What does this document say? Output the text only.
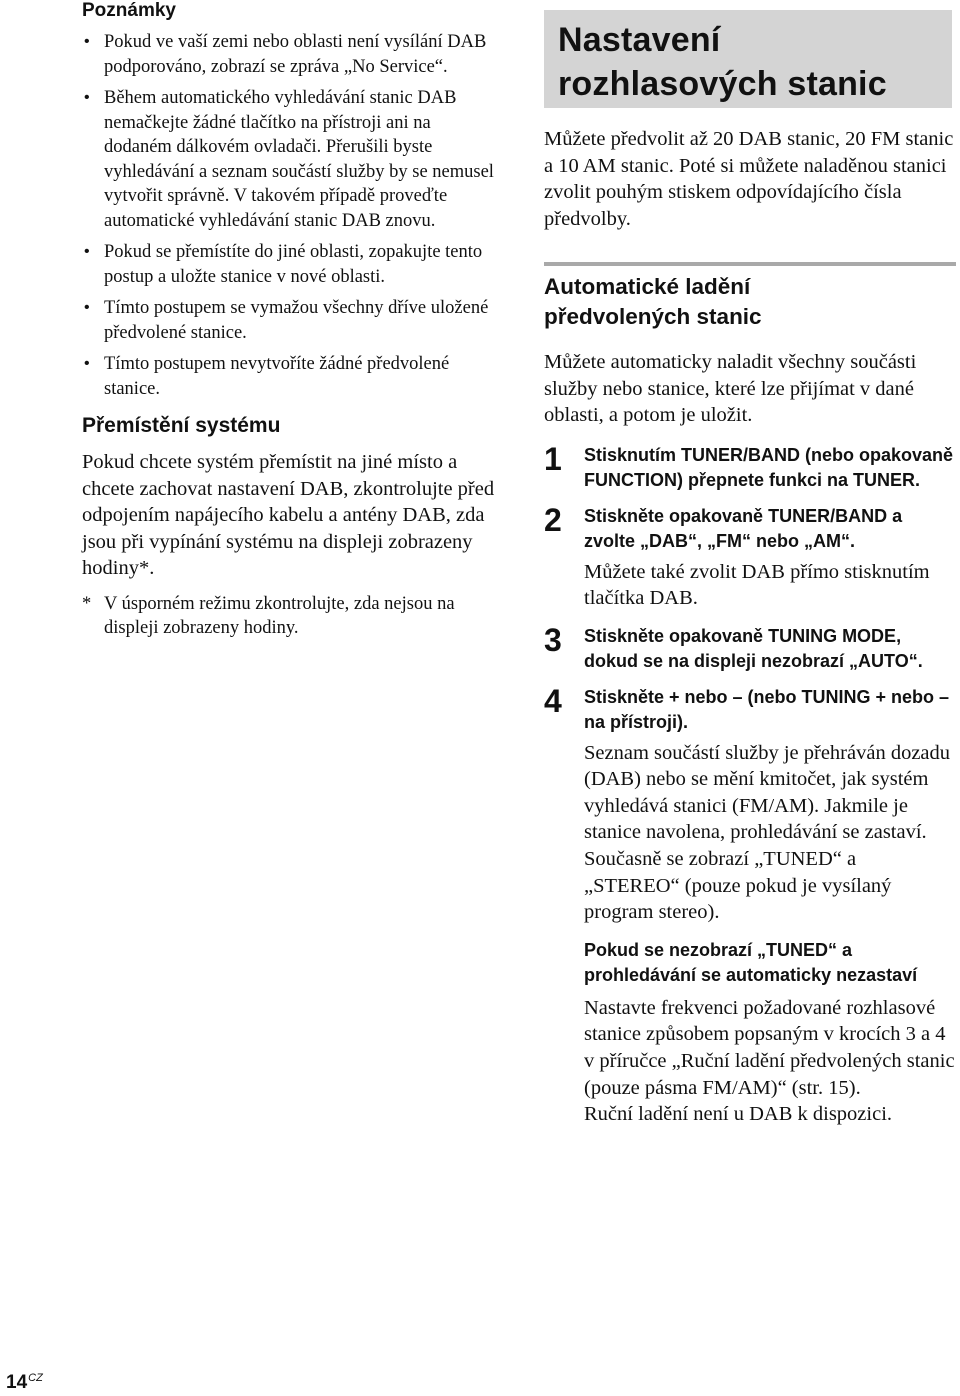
Poznámky
• Pokud ve vaší zemi nebo oblasti není vysílání DAB podporováno, zobrazí se zpráva „No Service“.
• Během automatického vyhledávání stanic DAB nemačkejte žádné tlačítko na přístroji ani na dodaném dálkovém ovladači. Přerušili byste vyhledávání a seznam součástí služby by se nemusel vytvořit správně. V takovém případě proveďte automatické vyhledávání stanic DAB znovu.
• Pokud se přemístíte do jiné oblasti, zopakujte tento postup a uložte stanice v nové oblasti.
• Tímto postupem se vymažou všechny dříve uložené předvolené stanice.
• Tímto postupem nevytvoříte žádné předvolené stanice.
Přemístění systému

Pokud chcete systém přemístit na jiné místo a chcete zachovat nastavení DAB, zkontrolujte před odpojením napájecího kabelu a antény DAB, zda jsou při vypínání systému na displeji zobrazeny hodiny*.

* V úsporném režimu zkontrolujte, zda nejsou na displeji zobrazeny hodiny.
Nastavení
rozhlasových stanic

Můžete předvolit až 20 DAB stanic, 20 FM stanic a 10 AM stanic. Poté si můžete naladěnou stanici zvolit pouhým stiskem odpovídajícího čísla předvolby.

Automatické ladění
předvolených stanic

Můžete automaticky naladit všechny součásti služby nebo stanice, které lze přijímat v dané oblasti, a potom je uložit.

1 Stisknutím TUNER/BAND (nebo opakovaně FUNCTION) přepnete funkci na TUNER.

2 Stiskněte opakovaně TUNER/BAND a zvolte „DAB“, „FM“ nebo „AM“.

Můžete také zvolit DAB přímo stisknutím tlačítka DAB.

3 Stiskněte opakovaně TUNING MODE, dokud se na displeji nezobrazí „AUTO“.

4 Stiskněte + nebo – (nebo TUNING + nebo – na přístroji).

Seznam součástí služby je přehráván dozadu (DAB) nebo se mění kmitočet, jak systém vyhledává stanici (FM/AM). Jakmile je stanice navolena, prohledávání se zastaví. Současně se zobrazí „TUNED“ a „STEREO“ (pouze pokud je vysílaný program stereo).

Pokud se nezobrazí „TUNED“ a prohledávání se automaticky nezastaví

Nastavte frekvenci požadované rozhlasové stanice způsobem popsaným v krocích 3 a 4 v příručce „Ruční ladění předvolených stanic (pouze pásma FM/AM)“ (str. 15).

Ruční ladění není u DAB k dispozici.

$14^{CZ}$
